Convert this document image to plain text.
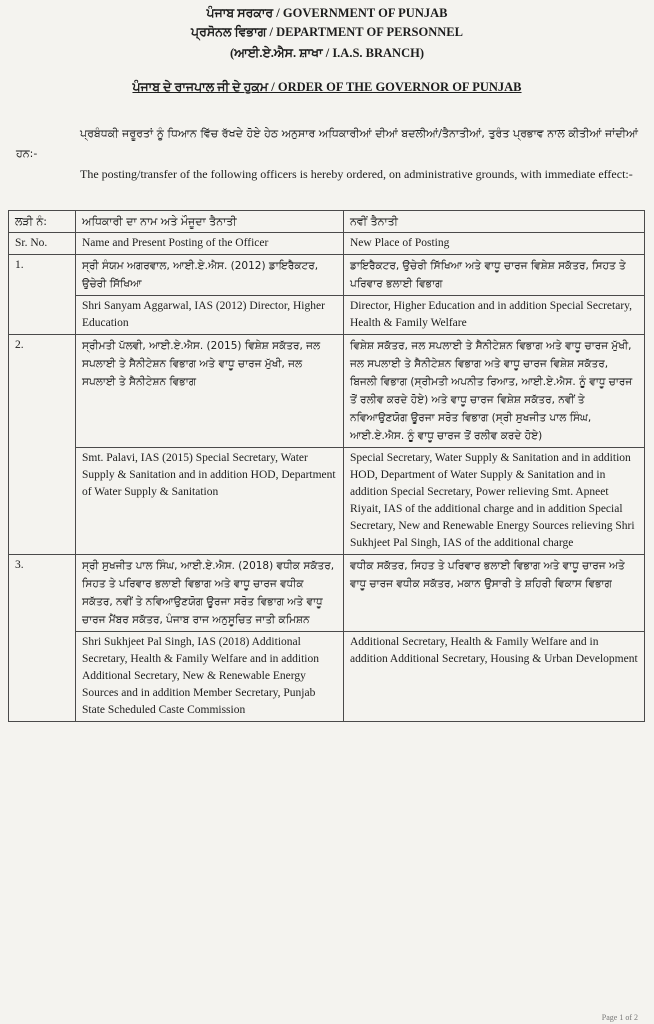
ਪੰਜਾਬ ਸਰਕਾਰ / GOVERNMENT OF PUNJAB
ਪ੍ਰਸੋਨਲ ਵਿਭਾਗ / DEPARTMENT OF PERSONNEL
(ਆਈ.ਏ.ਐਸ. ਸ਼ਾਖਾ / I.A.S. BRANCH)
ਪੰਜਾਬ ਦੇ ਰਾਜਪਾਲ ਜੀ ਦੇ ਹੁਕਮ / ORDER OF THE GOVERNOR OF PUNJAB
ਪ੍ਰਬੰਧਕੀ ਜਰੂਰਤਾਂ ਨੂੰ ਧਿਆਨ ਵਿੱਚ ਰੱਖਦੇ ਹੋਏ ਹੇਠ ਅਨੁਸਾਰ ਅਧਿਕਾਰੀਆਂ ਦੀਆਂ ਬਦਲੀਆਂ/ਤੈਨਾਤੀਆਂ, ਤੁਰੰਤ ਪ੍ਰਭਾਵ ਨਾਲ ਕੀਤੀਆਂ ਜਾਂਦੀਆਂ ਹਨ:-
The posting/transfer of the following officers is hereby ordered, on administrative grounds, with immediate effect:-
ਲੜੀ ਨੰ:	ਅਧਿਕਾਰੀ ਦਾ ਨਾਮ ਅਤੇ ਮੌਜੂਦਾ ਤੈਨਾਤੀ	ਨਵੀਂ ਤੈਨਾਤੀ
Sr. No.	Name and Present Posting of the Officer	New Place of Posting
1.	ਸ੍ਰੀ ਸੰਯਮ ਅਗਰਵਾਲ, ਆਈ.ਏ.ਐਸ. (2012) ਡਾਇਰੈਕਟਰ, ਉਚੇਰੀ ਸਿੱਖਿਆ	ਡਾਇਰੈਕਟਰ, ਉਚੇਰੀ ਸਿੱਖਿਆ ਅਤੇ ਵਾਧੂ ਚਾਰਜ ਵਿਸ਼ੇਸ਼ ਸਕੱਤਰ, ਸਿਹਤ ਤੇ ਪਰਿਵਾਰ ਭਲਾਈ ਵਿਭਾਗ
	Shri Sanyam Aggarwal, IAS (2012) Director, Higher Education	Director, Higher Education and in addition Special Secretary, Health & Family Welfare
2.	ਸ੍ਰੀਮਤੀ ਪੱਲਵੀ, ਆਈ.ਏ.ਐਸ. (2015) ਵਿਸ਼ੇਸ਼ ਸਕੱਤਰ, ਜਲ ਸਪਲਾਈ ਤੇ ਸੈਨੀਟੇਸ਼ਨ ਵਿਭਾਗ ਅਤੇ ਵਾਧੂ ਚਾਰਜ ਮੁੱਖੀ, ਜਲ ਸਪਲਾਈ ਤੇ ਸੈਨੀਟੇਸ਼ਨ ਵਿਭਾਗ	ਵਿਸ਼ੇਸ਼ ਸਕੱਤਰ, ਜਲ ਸਪਲਾਈ ਤੇ ਸੈਨੀਟੇਸ਼ਨ ਵਿਭਾਗ ਅਤੇ ਵਾਧੂ ਚਾਰਜ ਮੁੱਖੀ, ਜਲ ਸਪਲਾਈ ਤੇ ਸੈਨੀਟੇਸ਼ਨ ਵਿਭਾਗ ਅਤੇ ਵਾਧੂ ਚਾਰਜ ਵਿਸ਼ੇਸ਼ ਸਕੱਤਰ, ਬਿਜਲੀ ਵਿਭਾਗ (ਸ੍ਰੀਮਤੀ ਅਪਨੀਤ ਰਿਆਤ, ਆਈ.ਏ.ਐਸ. ਨੂੰ ਵਾਧੂ ਚਾਰਜ ਤੋਂ ਰਲੀਵ ਕਰਦੇ ਹੋਏ) ਅਤੇ ਵਾਧੂ ਚਾਰਜ ਵਿਸ਼ੇਸ਼ ਸਕੱਤਰ, ਨਵੀਂ ਤੇ ਨਵਿਆਉਣਯੋਗ ਊਰਜਾ ਸਰੋਤ ਵਿਭਾਗ (ਸ੍ਰੀ ਸੁਖਜੀਤ ਪਾਲ ਸਿੰਘ, ਆਈ.ਏ.ਐਸ. ਨੂੰ ਵਾਧੂ ਚਾਰਜ ਤੋਂ ਰਲੀਵ ਕਰਦੇ ਹੋਏ)
	Smt. Palavi, IAS (2015) Special Secretary, Water Supply & Sanitation and in addition HOD, Department of Water Supply & Sanitation	Special Secretary, Water Supply & Sanitation and in addition HOD, Department of Water Supply & Sanitation and in addition Special Secretary, Power relieving Smt. Apneet Riyait, IAS of the additional charge and in addition Special Secretary, New and Renewable Energy Sources relieving Shri Sukhjeet Pal Singh, IAS of the additional charge
3.	ਸ੍ਰੀ ਸੁਖਜੀਤ ਪਾਲ ਸਿੰਘ, ਆਈ.ਏ.ਐਸ. (2018) ਵਧੀਕ ਸਕੱਤਰ, ਸਿਹਤ ਤੇ ਪਰਿਵਾਰ ਭਲਾਈ ਵਿਭਾਗ ਅਤੇ ਵਾਧੂ ਚਾਰਜ ਵਧੀਕ ਸਕੱਤਰ, ਨਵੀਂ ਤੇ ਨਵਿਆਉਣਯੋਗ ਊਰਜਾ ਸਰੋਤ ਵਿਭਾਗ ਅਤੇ ਵਾਧੂ ਚਾਰਜ ਮੈਂਬਰ ਸਕੱਤਰ, ਪੰਜਾਬ ਰਾਜ ਅਨੁਸੂਚਿਤ ਜਾਤੀ ਕਮਿਸ਼ਨ	ਵਧੀਕ ਸਕੱਤਰ, ਸਿਹਤ ਤੇ ਪਰਿਵਾਰ ਭਲਾਈ ਵਿਭਾਗ ਅਤੇ ਵਾਧੂ ਚਾਰਜ ਅਤੇ ਵਾਧੂ ਚਾਰਜ ਵਧੀਕ ਸਕੱਤਰ, ਮਕਾਨ ਉਸਾਰੀ ਤੇ ਸ਼ਹਿਰੀ ਵਿਕਾਸ ਵਿਭਾਗ
	Shri Sukhjeet Pal Singh, IAS (2018) Additional Secretary, Health & Family Welfare and in addition Additional Secretary, New & Renewable Energy Sources and in addition Member Secretary, Punjab State Scheduled Caste Commission	Additional Secretary, Health & Family Welfare and in addition Additional Secretary, Housing & Urban Development
Page 1 of 2
